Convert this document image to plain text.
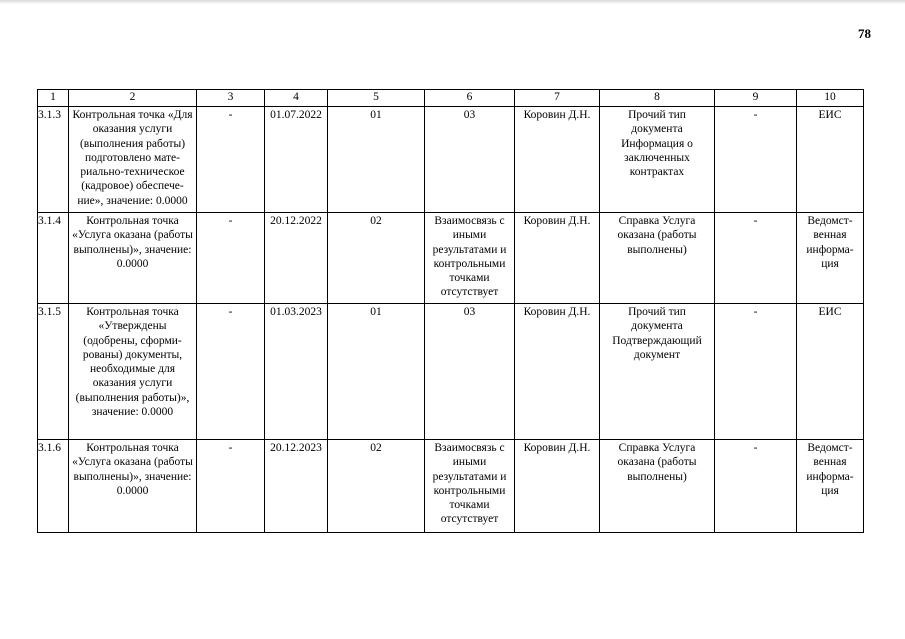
78
1	2	3	4	5	6	7	8	9	10
3.1.3	Контрольная точка «Для оказания услуги (выполнения работы) подготовлено мате-риально-техническое (кадровое) обеспече-ние», значение: 0.0000	-	01.07.2022	01	03	Коровин Д.Н.	Прочий тип документа Информация о заключенных контрактах	-	ЕИС
3.1.4	Контрольная точка «Услуга оказана (работы выполнены)», значение: 0.0000	-	20.12.2022	02	Взаимосвязь с иными результатами и контрольными точками отсутствует	Коровин Д.Н.	Справка Услуга оказана (работы выполнены)	-	Ведомст-венная информа-ция
3.1.5	Контрольная точка «Утверждены (одобрены, сформи-рованы) документы, необходимые для оказания услуги (выполнения работы)», значение: 0.0000	-	01.03.2023	01	03	Коровин Д.Н.	Прочий тип документа Подтверждающий документ	-	ЕИС
3.1.6	Контрольная точка «Услуга оказана (работы выполнены)», значение: 0.0000	-	20.12.2023	02	Взаимосвязь с иными результатами и контрольными точками отсутствует	Коровин Д.Н.	Справка Услуга оказана (работы выполнены)	-	Ведомст-венная информа-ция
